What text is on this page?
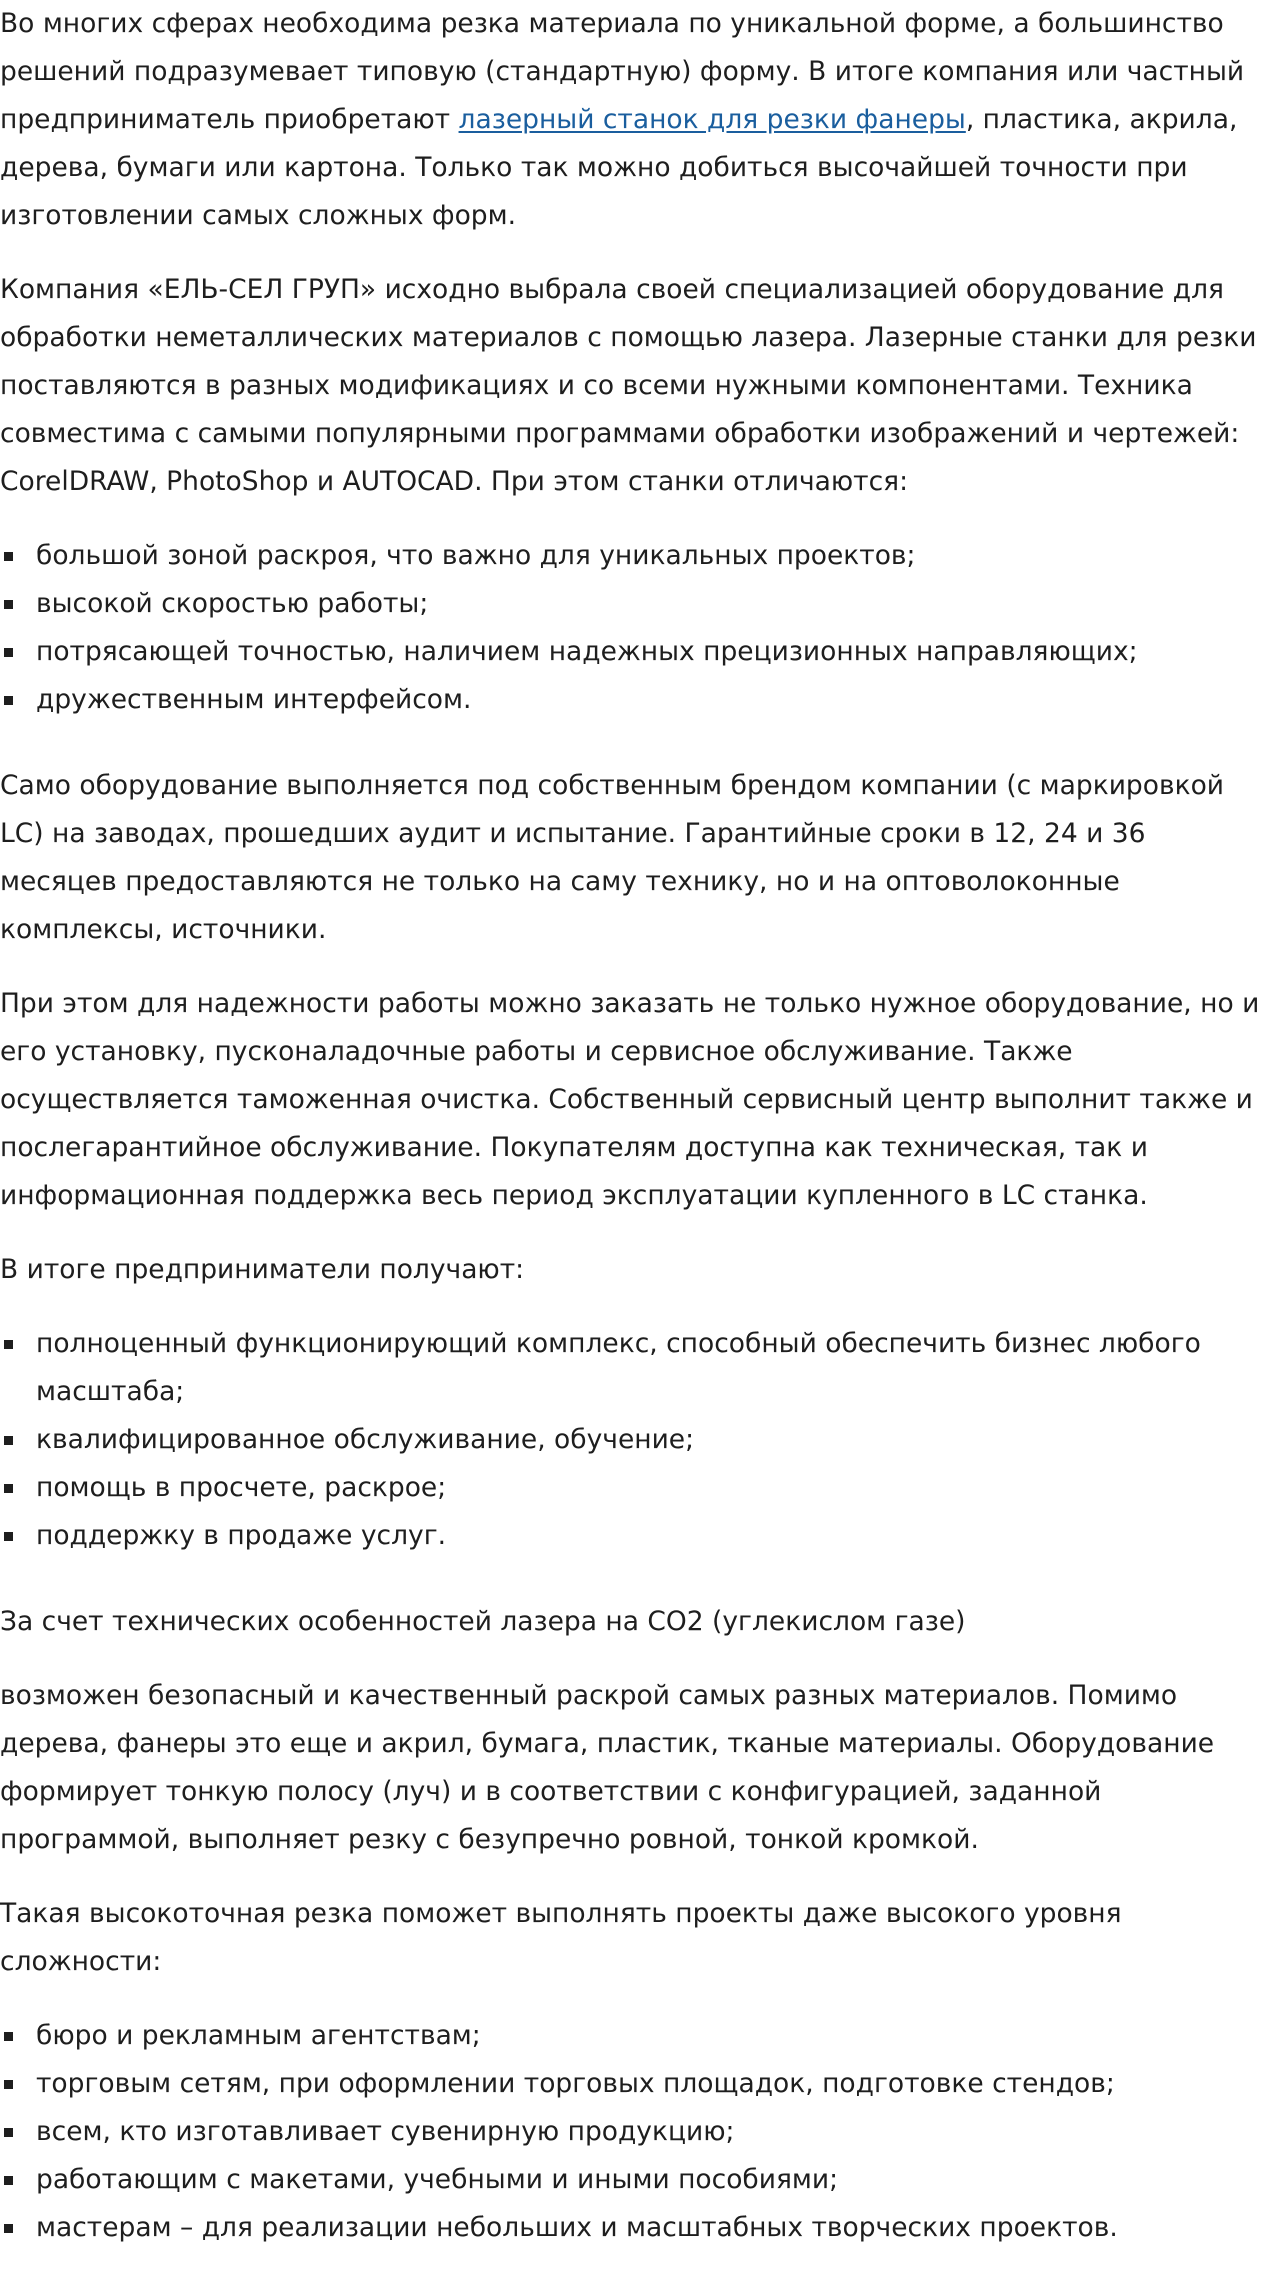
Во многих сферах необходима резка материала по уникальной форме, а большинство решений подразумевает типовую (стандартную) форму. В итоге компания или частный предприниматель приобретают лазерный станок для резки фанеры, пластика, акрила, дерева, бумаги или картона. Только так можно добиться высочайшей точности при изготовлении самых сложных форм.

Компания «ЕЛЬ-СЕЛ ГРУП» исходно выбрала своей специализацией оборудование для обработки неметаллических материалов с помощью лазера. Лазерные станки для резки поставляются в разных модификациях и со всеми нужными компонентами. Техника совместима с самыми популярными программами обработки изображений и чертежей: CorelDRAW, PhotoShop и AUTOCAD. При этом станки отличаются:

большой зоной раскроя, что важно для уникальных проектов;
высокой скоростью работы;
потрясающей точностью, наличием надежных прецизионных направляющих;
дружественным интерфейсом.

Само оборудование выполняется под собственным брендом компании (с маркировкой LC) на заводах, прошедших аудит и испытание. Гарантийные сроки в 12, 24 и 36 месяцев предоставляются не только на саму технику, но и на оптоволоконные комплексы, источники.

При этом для надежности работы можно заказать не только нужное оборудование, но и его установку, пусконаладочные работы и сервисное обслуживание. Также осуществляется таможенная очистка. Собственный сервисный центр выполнит также и послегарантийное обслуживание. Покупателям доступна как техническая, так и информационная поддержка весь период эксплуатации купленного в LC станка.

В итоге предприниматели получают:

полноценный функционирующий комплекс, способный обеспечить бизнес любого масштаба;
квалифицированное обслуживание, обучение;
помощь в просчете, раскрое;
поддержку в продаже услуг.

За счет технических особенностей лазера на CO2 (углекислом газе)

возможен безопасный и качественный раскрой самых разных материалов. Помимо дерева, фанеры это еще и акрил, бумага, пластик, тканые материалы. Оборудование формирует тонкую полосу (луч) и в соответствии с конфигурацией, заданной программой, выполняет резку с безупречно ровной, тонкой кромкой.

Такая высокоточная резка поможет выполнять проекты даже высокого уровня сложности:

бюро и рекламным агентствам;
торговым сетям, при оформлении торговых площадок, подготовке стендов;
всем, кто изготавливает сувенирную продукцию;
работающим с макетами, учебными и иными пособиями;
мастерам – для реализации небольших и масштабных творческих проектов.
